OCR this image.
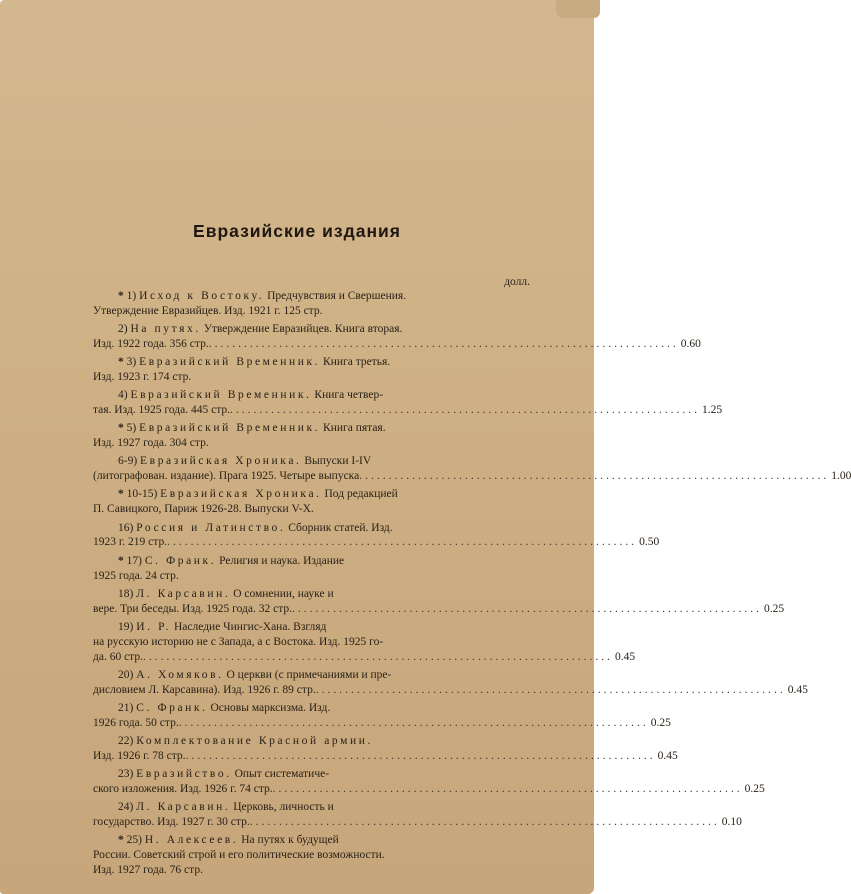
Евразийские издания
долл.
* 1) Исход к Востоку. Предчувствия и Свершения.
Утверждение Евразийцев. Изд. 1921 г. 125 стр.
2) На путях. Утверждение Евразийцев. Книга вторая.
Изд. 1922 года. 356 стр. ................................................................................ 0.60
* 3) Евразийский Временник. Книга третья.
Изд. 1923 г. 174 стр.
4) Евразийский Временник. Книга четвер-
тая. Изд. 1925 года. 445 стр. ................................................................................ 1.25
* 5) Евразийский Временник. Книга пятая.
Изд. 1927 года. 304 стр.
6-9) Евразийская Хроника. Выпуски I-IV
(литографован. издание). Прага 1925. Четыре выпуска ................................................................................ 1.00
* 10-15) Евразийская Хроника. Под редакцией
П. Савицкого, Париж 1926-28. Выпуски V-X.
16) Россия и Латинство. Сборник статей. Изд.
1923 г. 219 стр. ................................................................................ 0.50
* 17) С. Франк. Религия и наука. Издание
1925 года. 24 стр.
18) Л. Карсавин. О сомнении, науке и
вере. Три беседы. Изд. 1925 года. 32 стр. ................................................................................ 0.25
19) И. Р. Наследие Чингис-Хана. Взгляд
на русскую историю не с Запада, а с Востока. Изд. 1925 го-
да. 60 стр. ................................................................................ 0.45
20) А. Хомяков. О церкви (с примечаниями и пре-
дисловием Л. Карсавина). Изд. 1926 г. 89 стр. ................................................................................ 0.45
21) С. Франк. Основы марксизма. Изд.
1926 года. 50 стр. ................................................................................ 0.25
22) Комплектование Красной армии.
Изд. 1926 г. 78 стр. ................................................................................ 0.45
23) Евразийство. Опыт систематиче-
ского изложения. Изд. 1926 г. 74 стр. ................................................................................ 0.25
24) Л. Карсавин. Церковь, личность и
государство. Изд. 1927 г. 30 стр. ................................................................................ 0.10
* 25) Н. Алексеев. На путях к будущей
России. Советский строй и его политические возможности.
Изд. 1927 года. 76 стр.
